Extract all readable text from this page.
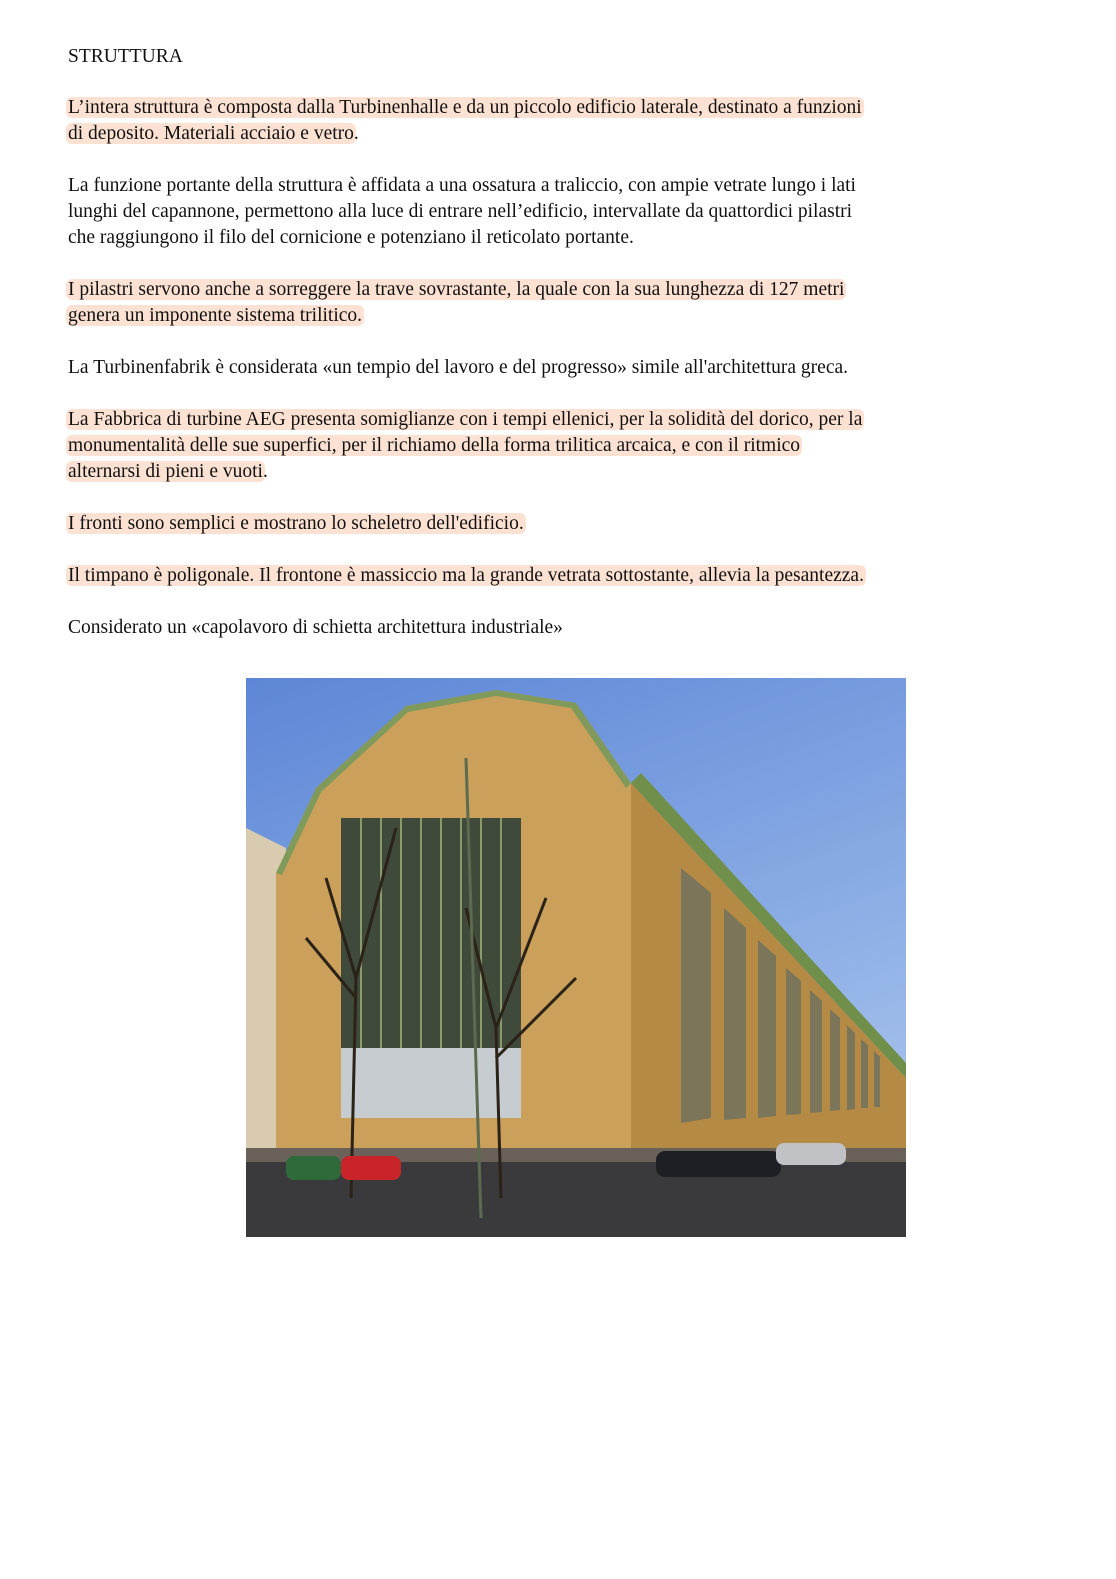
STRUTTURA
L’intera struttura è composta dalla Turbinenhalle e da un piccolo edificio laterale, destinato a funzioni
di deposito. Materiali acciaio e vetro.
La funzione portante della struttura è affidata a una ossatura a traliccio, con ampie vetrate lungo i lati
lunghi del capannone, permettono alla luce di entrare nell’edificio, intervallate da quattordici pilastri
che raggiungono il filo del cornicione e potenziano il reticolato portante.
I pilastri servono anche a sorreggere la trave sovrastante, la quale con la sua lunghezza di 127 metri
genera un imponente sistema trilitico.
La Turbinenfabrik è considerata «un tempio del lavoro e del progresso» simile all'architettura greca.
La Fabbrica di turbine AEG presenta somiglianze con i tempi ellenici, per la solidità del dorico, per la
monumentalità delle sue superfici, per il richiamo della forma trilitica arcaica, e con il ritmico
alternarsi di pieni e vuoti.
I fronti sono semplici e mostrano lo scheletro dell'edificio.
Il timpano è poligonale. Il frontone è massiccio ma la grande vetrata sottostante, allevia la pesantezza.
Considerato un «capolavoro di schietta architettura industriale»
